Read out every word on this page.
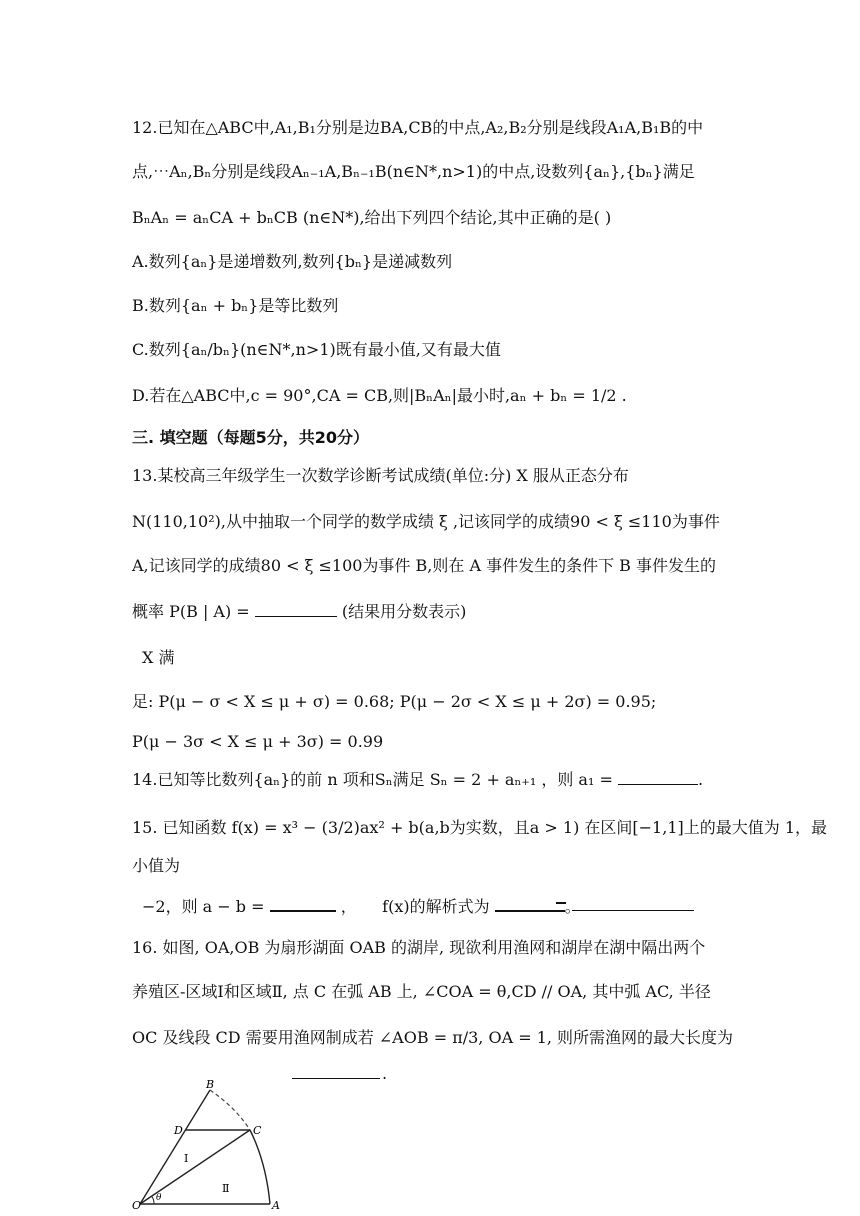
12.已知在△ABC中,A₁,B₁分别是边BA,CB的中点,A₂,B₂分别是线段A₁A,B₁B的中
点,⋯Aₙ,Bₙ分别是线段Aₙ₋₁A,Bₙ₋₁B(n∈N*,n>1)的中点,设数列{aₙ},{bₙ}满足
BₙAₙ = aₙCA + bₙCB (n∈N*),给出下列四个结论,其中正确的是( )
A.数列{aₙ}是递增数列,数列{bₙ}是递减数列
B.数列{aₙ + bₙ}是等比数列
C.数列{aₙ/bₙ}(n∈N*,n>1)既有最小值,又有最大值
D.若在△ABC中,c = 90°,CA = CB,则|BₙAₙ|最小时,aₙ + bₙ = 1/2 .
三. 填空题（每题5分，共20分）
13.某校高三年级学生一次数学诊断考试成绩(单位:分) X 服从正态分布
N(110,10²),从中抽取一个同学的数学成绩 ξ ,记该同学的成绩90 < ξ ≤110为事件
A,记该同学的成绩80 < ξ ≤100为事件 B,则在 A 事件发生的条件下 B 事件发生的
概率 P(B | A) =	(结果用分数表示)
X 满
足: P(μ − σ < X ≤ μ + σ) = 0.68; P(μ − 2σ < X ≤ μ + 2σ) = 0.95;
P(μ − 3σ < X ≤ μ + 3σ) = 0.99
14.已知等比数列{aₙ}的前 n 项和Sₙ满足 Sₙ = 2 + aₙ₊₁ ，则 a₁ =	.
15. 已知函数 f(x) = x³ − (3/2)ax² + b(a,b为实数，且a > 1) 在区间[−1,1]上的最大值为 1，最
小值为
−2，则 a − b =	， f(x)的解析式为	。
16. 如图, OA,OB 为扇形湖面 OAB 的湖岸, 现欲利用渔网和湖岸在湖中隔出两个
养殖区-区域Ⅰ和区域Ⅱ, 点 C 在弧 AB 上, ∠COA = θ,CD // OA, 其中弧 AC, 半径
OC 及线段 CD 需要用渔网制成若 ∠AOB = π/3, OA = 1, 则所需渔网的最大长度为
.
B
D	C
O	A
θ
Ⅰ
Ⅱ
